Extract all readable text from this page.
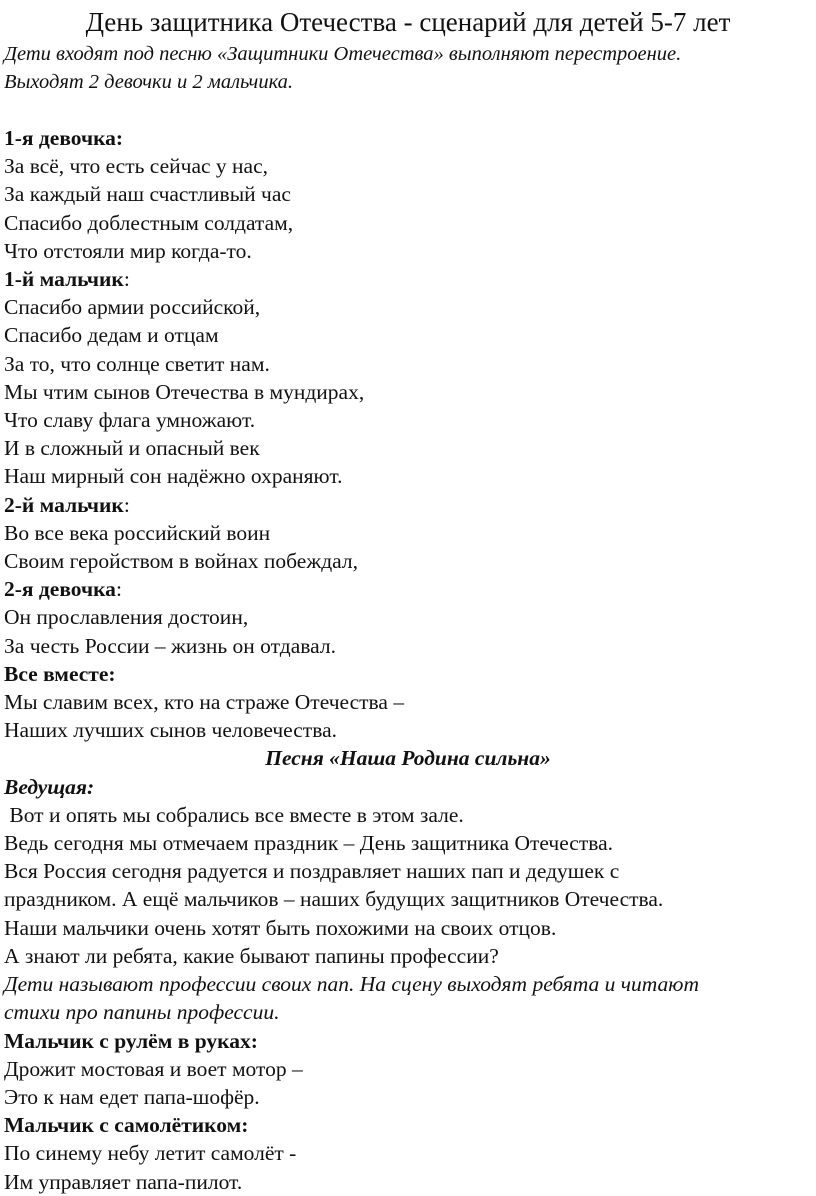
День защитника Отечества - сценарий для детей 5-7 лет
Дети входят под песню «Защитники Отечества» выполняют перестроение.
Выходят 2 девочки и 2 мальчика.
1-я девочка:
За всё, что есть сейчас у нас,
За каждый наш счастливый час
Спасибо доблестным солдатам,
Что отстояли мир когда-то.
1-й мальчик:
Спасибо армии российской,
Спасибо дедам и отцам
За то, что солнце светит нам.
Мы чтим сынов Отечества в мундирах,
Что славу флага умножают.
И в сложный и опасный век
Наш мирный сон надёжно охраняют.
2-й мальчик:
Во все века российский воин
Своим геройством в войнах побеждал,
2-я девочка:
Он прославления достоин,
За честь России – жизнь он отдавал.
Все вместе:
Мы славим всех, кто на страже Отечества –
Наших лучших сынов человечества.
Песня «Наша Родина сильна»
Ведущая:
Вот и опять мы собрались все вместе в этом зале.
Ведь сегодня мы отмечаем праздник – День защитника Отечества.
Вся Россия сегодня радуется и поздравляет наших пап и дедушек с
праздником. А ещё мальчиков – наших будущих защитников Отечества.
Наши мальчики очень хотят быть похожими на своих отцов.
А знают ли ребята, какие бывают папины профессии?
Дети называют профессии своих пап. На сцену выходят ребята и читают
стихи про папины профессии.
Мальчик с рулём в руках:
Дрожит мостовая и воет мотор –
Это к нам едет папа-шофёр.
Мальчик с самолётиком:
По синему небу летит самолёт -
Им управляет папа-пилот.
